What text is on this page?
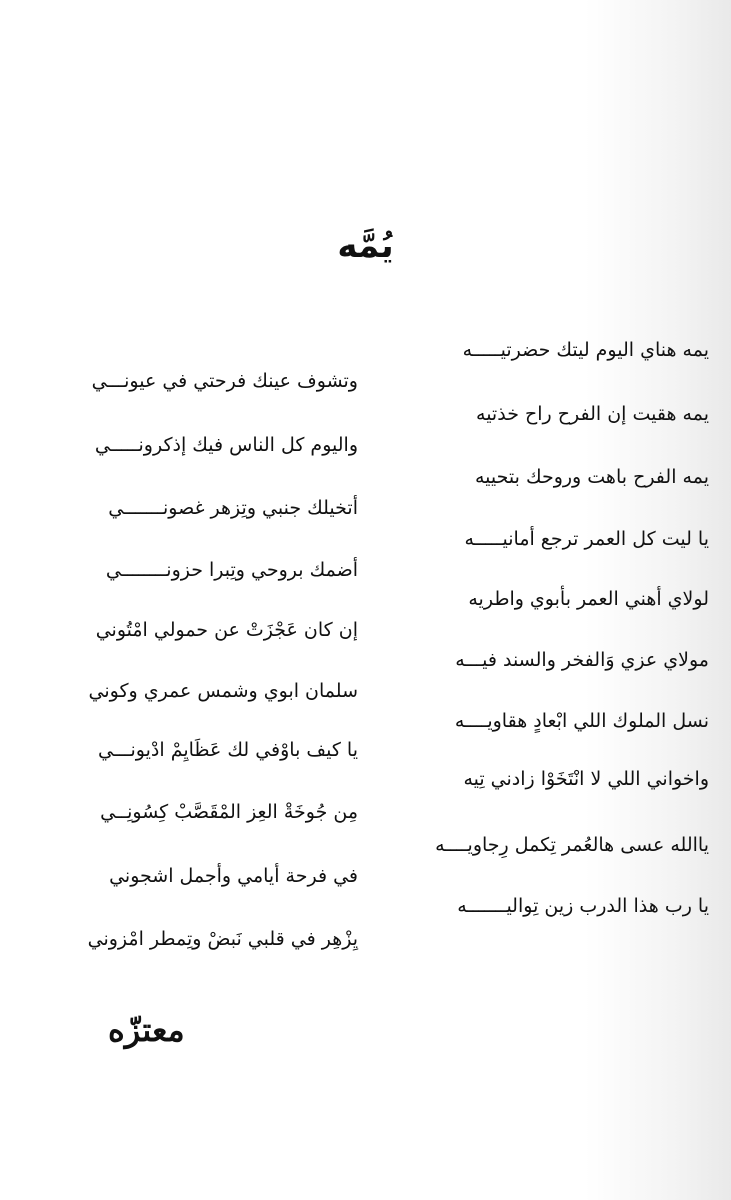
يُمَّه
يمه هناي اليوم ليتك حضرتيـــــه
يمه هقيت إن الفرح راح خذتيه
يمه الفرح باهت وروحك بتحييه
يا ليت كل العمر ترجع أمانيـــــه
لولاي أهني العمر بأبوي واطريه
مولاي عزي وَالفخر والسند فيـــه
نسل الملوك اللي ابْعادٍ هقاويــــه
واخواني اللي لا انْتَخَوْا زادني تِيه
ياالله عسى هالعُمر تِكمل رِجاويــــه
يا رب هذا الدرب زين تِواليـــــــه
وتشوف عينك فرحتي في عيونـــي
واليوم كل الناس فيك إذكرونـــــي
أتخيلك جنبي وتِزهر غصونـــــــي
أضمك بروحي وتِبرا حزونــــــــي
إن كان عَجْزَتْ عن حمولي امْتُوني
سلمان ابوي وشمس عمري وكوني
يا كيف باوْفي لك عَظَايِمْ ادْيونـــي
مِن جُوخَةْ العِز المْقَصَّبْ كِسُونِــي
في فرحة أيامي وأجمل اشجوني
يِزْهِر في قلبي نَبضْ وتِمطر امْزوني
معتزّه
